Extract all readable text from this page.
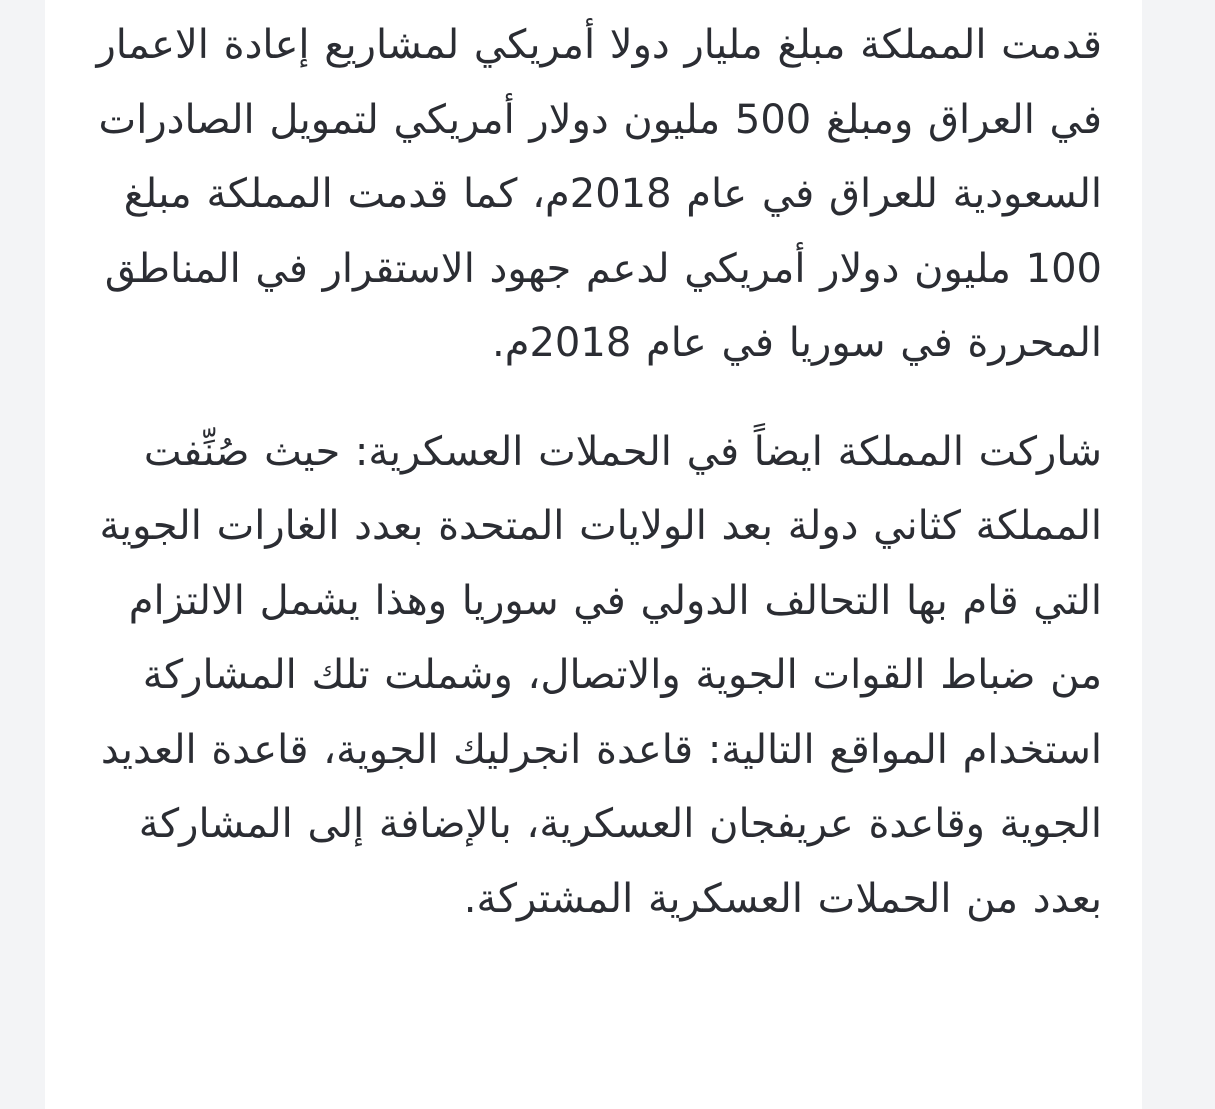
قدمت المملكة مبلغ مليار دولا أمريكي لمشاريع إعادة الاعمار في العراق ومبلغ 500 مليون دولار أمريكي لتمويل الصادرات السعودية للعراق في عام 2018م، كما قدمت المملكة مبلغ 100 مليون دولار أمريكي لدعم جهود الاستقرار في المناطق المحررة في سوريا في عام 2018م.

شاركت المملكة ايضاً في الحملات العسكرية: حيث صُنِّفت المملكة كثاني دولة بعد الولايات المتحدة بعدد الغارات الجوية التي قام بها التحالف الدولي في سوريا وهذا يشمل الالتزام من ضباط القوات الجوية والاتصال، وشملت تلك المشاركة استخدام المواقع التالية: قاعدة انجرليك الجوية، قاعدة العديد الجوية وقاعدة عريفجان العسكرية، بالإضافة إلى المشاركة بعدد من الحملات العسكرية المشتركة.
